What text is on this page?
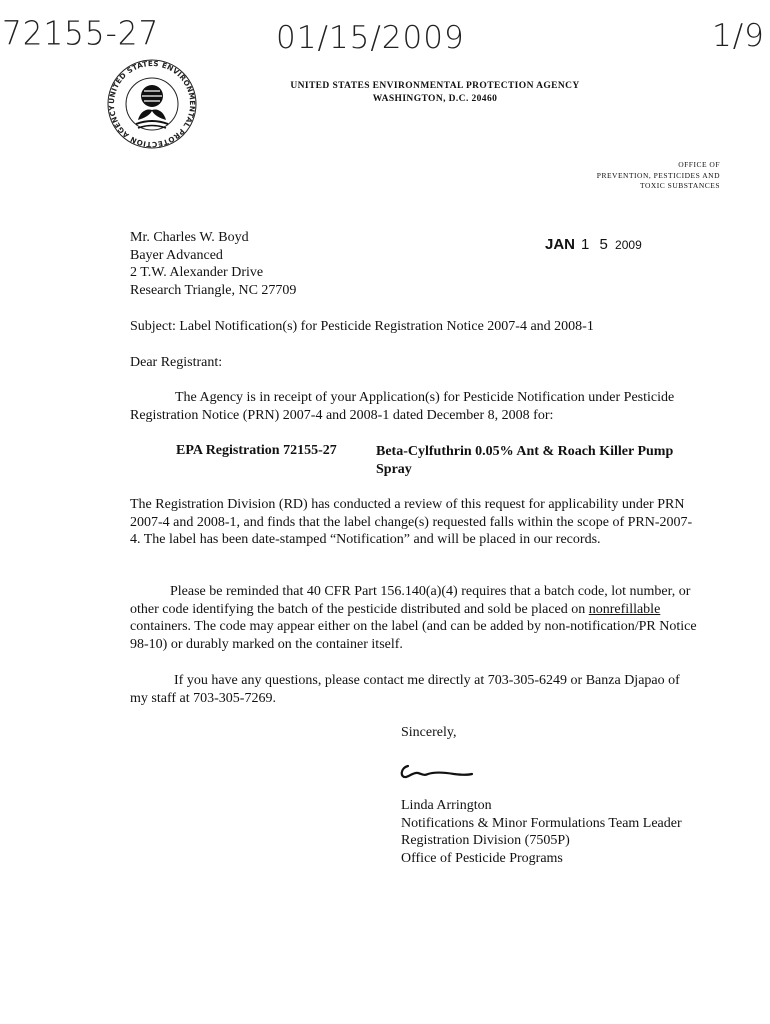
72155-27	01/15/2009	1/9
UNITED STATES ENVIRONMENTAL PROTECTION AGENCY
UNITED STATES ENVIRONMENTAL PROTECTION AGENCY
WASHINGTON, D.C. 20460
OFFICE OF
PREVENTION, PESTICIDES AND
TOXIC SUBSTANCES
Mr. Charles W. Boyd
Bayer Advanced
2 T.W. Alexander Drive
Research Triangle, NC 27709
JAN 1 5 2009
Subject: Label Notification(s) for Pesticide Registration Notice 2007-4 and 2008-1
Dear Registrant:
The Agency is in receipt of your Application(s) for Pesticide Notification under Pesticide Registration Notice (PRN) 2007-4 and 2008-1 dated December 8, 2008 for:
EPA Registration 72155-27	Beta-Cylfuthrin 0.05% Ant & Roach Killer Pump Spray
The Registration Division (RD) has conducted a review of this request for applicability under PRN 2007-4 and 2008-1, and finds that the label change(s) requested falls within the scope of PRN-2007-4. The label has been date-stamped “Notification” and will be placed in our records.
Please be reminded that 40 CFR Part 156.140(a)(4) requires that a batch code, lot number, or other code identifying the batch of the pesticide distributed and sold be placed on nonrefillable containers. The code may appear either on the label (and can be added by non-notification/PR Notice 98-10) or durably marked on the container itself.
If you have any questions, please contact me directly at 703-305-6249 or Banza Djapao of my staff at 703-305-7269.
Sincerely,
Linda Arrington
Notifications & Minor Formulations Team Leader
Registration Division (7505P)
Office of Pesticide Programs
